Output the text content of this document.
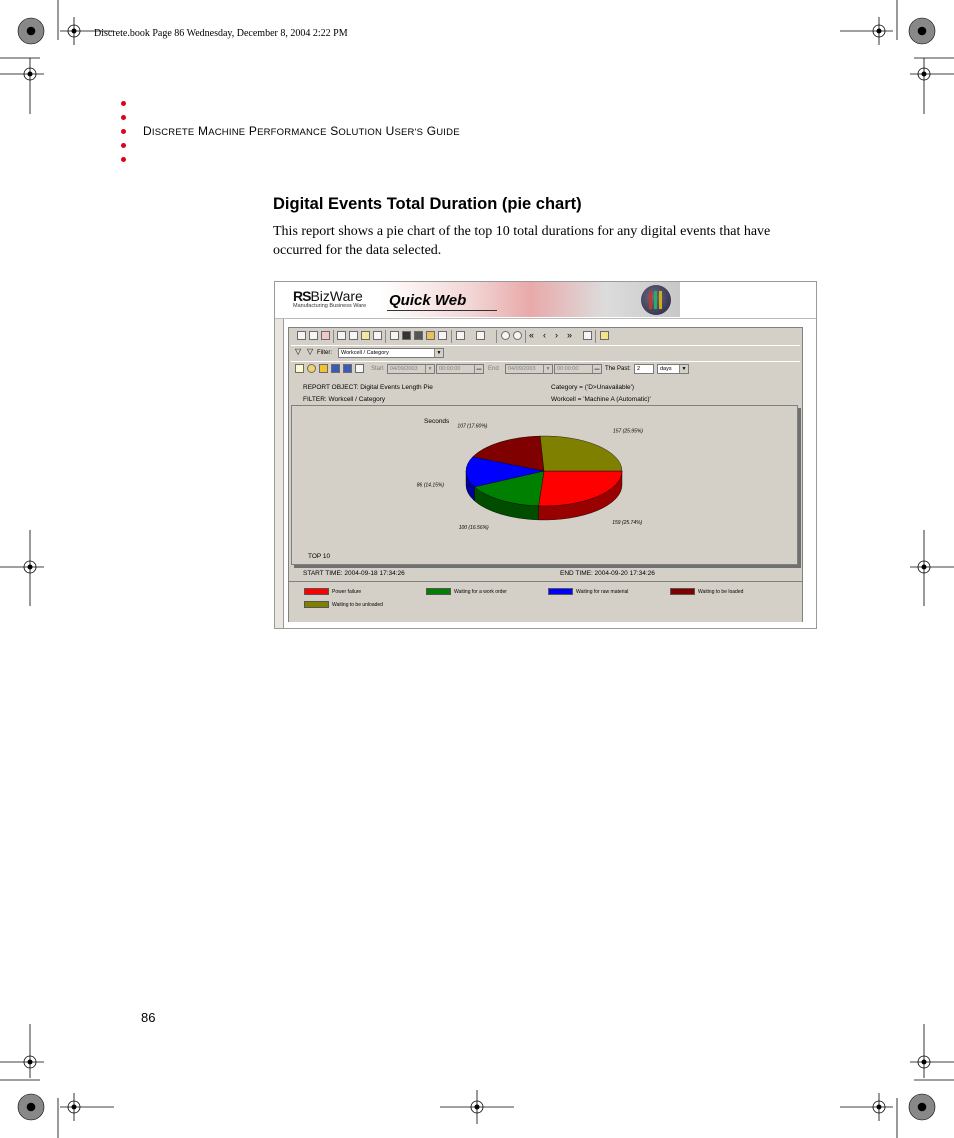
Discrete.book Page 86 Wednesday, December 8, 2004 2:22 PM
DISCRETE MACHINE PERFORMANCE SOLUTION USER'S GUIDE
Digital Events Total Duration (pie chart)
This report shows a pie chart of the top 10 total durations for any digital events that have occurred for the data selected.
RSBizWare
Manufacturing Business Ware Quick Web
« ‹ › »
▽ ▽ Filter:	Workcell / Category	▼
Start	04/09/2003	▼	00:00:00	▬ End	04/09/2003	▼	00:00:00	▬ The Past:	2	days	▼
REPORT OBJECT: Digital Events Length Pie	Category = ('D>Unavailable')
FILTER: Workcell / Category	Workcell = 'Machine A (Automatic)'
Seconds
159 (25.74%)
100 (16.56%)
86 (14.15%)
107 (17.60%)
157 (25.95%)
TOP 10
START TIME: 2004-09-18 17:34:26	END TIME: 2004-09-20 17:34:26
Power failure	Waiting for a work order	Waiting for raw material	Waiting to be loaded
Waiting to be unloaded
86
